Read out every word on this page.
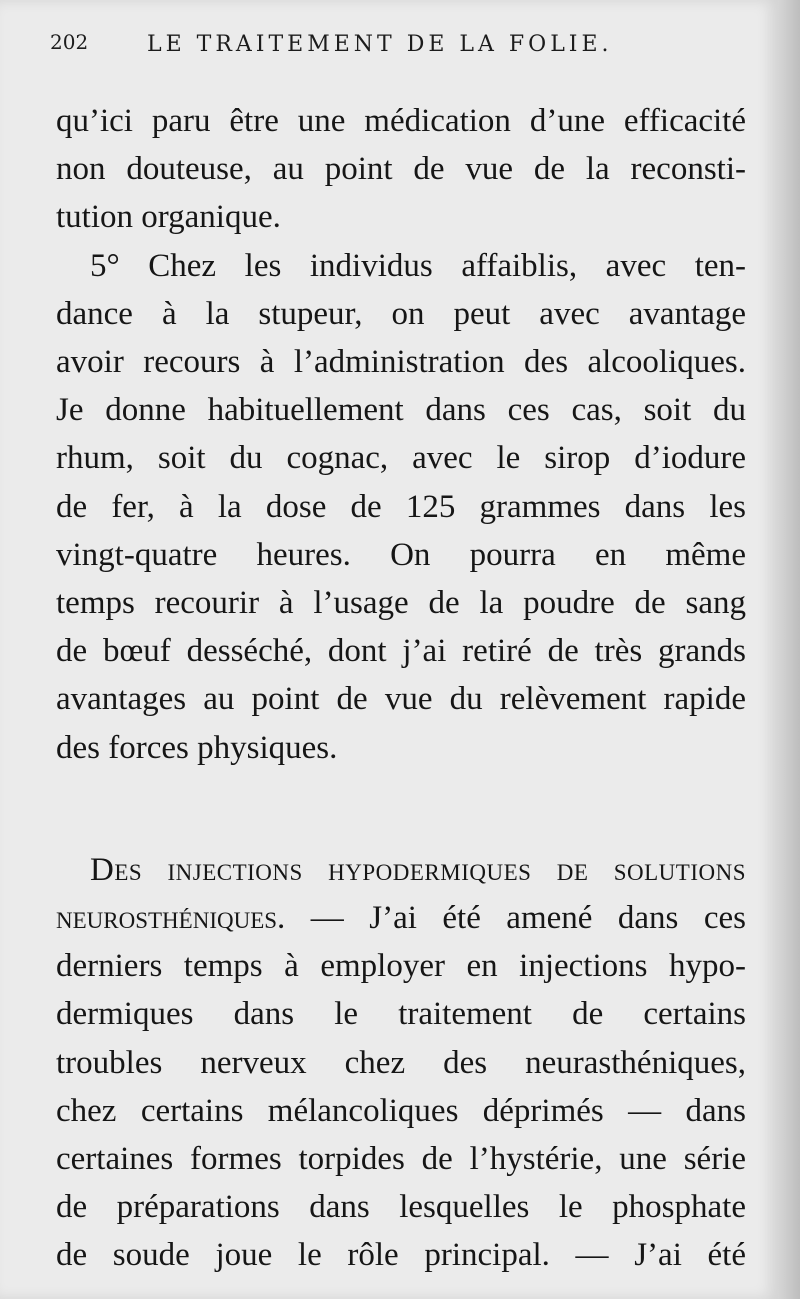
202	LE TRAITEMENT DE LA FOLIE.
qu’ici paru être une médication d’une efficacité
non douteuse, au point de vue de la reconsti-
tution organique.
5° Chez les individus affaiblis, avec ten-
dance à la stupeur, on peut avec avantage
avoir recours à l’administration des alcooliques.
Je donne habituellement dans ces cas, soit du
rhum, soit du cognac, avec le sirop d’iodure
de fer, à la dose de 125 grammes dans les
vingt-quatre heures. On pourra en même
temps recourir à l’usage de la poudre de sang
de bœuf desséché, dont j’ai retiré de très grands
avantages au point de vue du relèvement rapide
des forces physiques.
Des injections hypodermiques de solutions
neurosthéniques. — J’ai été amené dans ces
derniers temps à employer en injections hypo-
dermiques dans le traitement de certains
troubles nerveux chez des neurasthéniques,
chez certains mélancoliques déprimés — dans
certaines formes torpides de l’hystérie, une série
de préparations dans lesquelles le phosphate
de soude joue le rôle principal. — J’ai été
